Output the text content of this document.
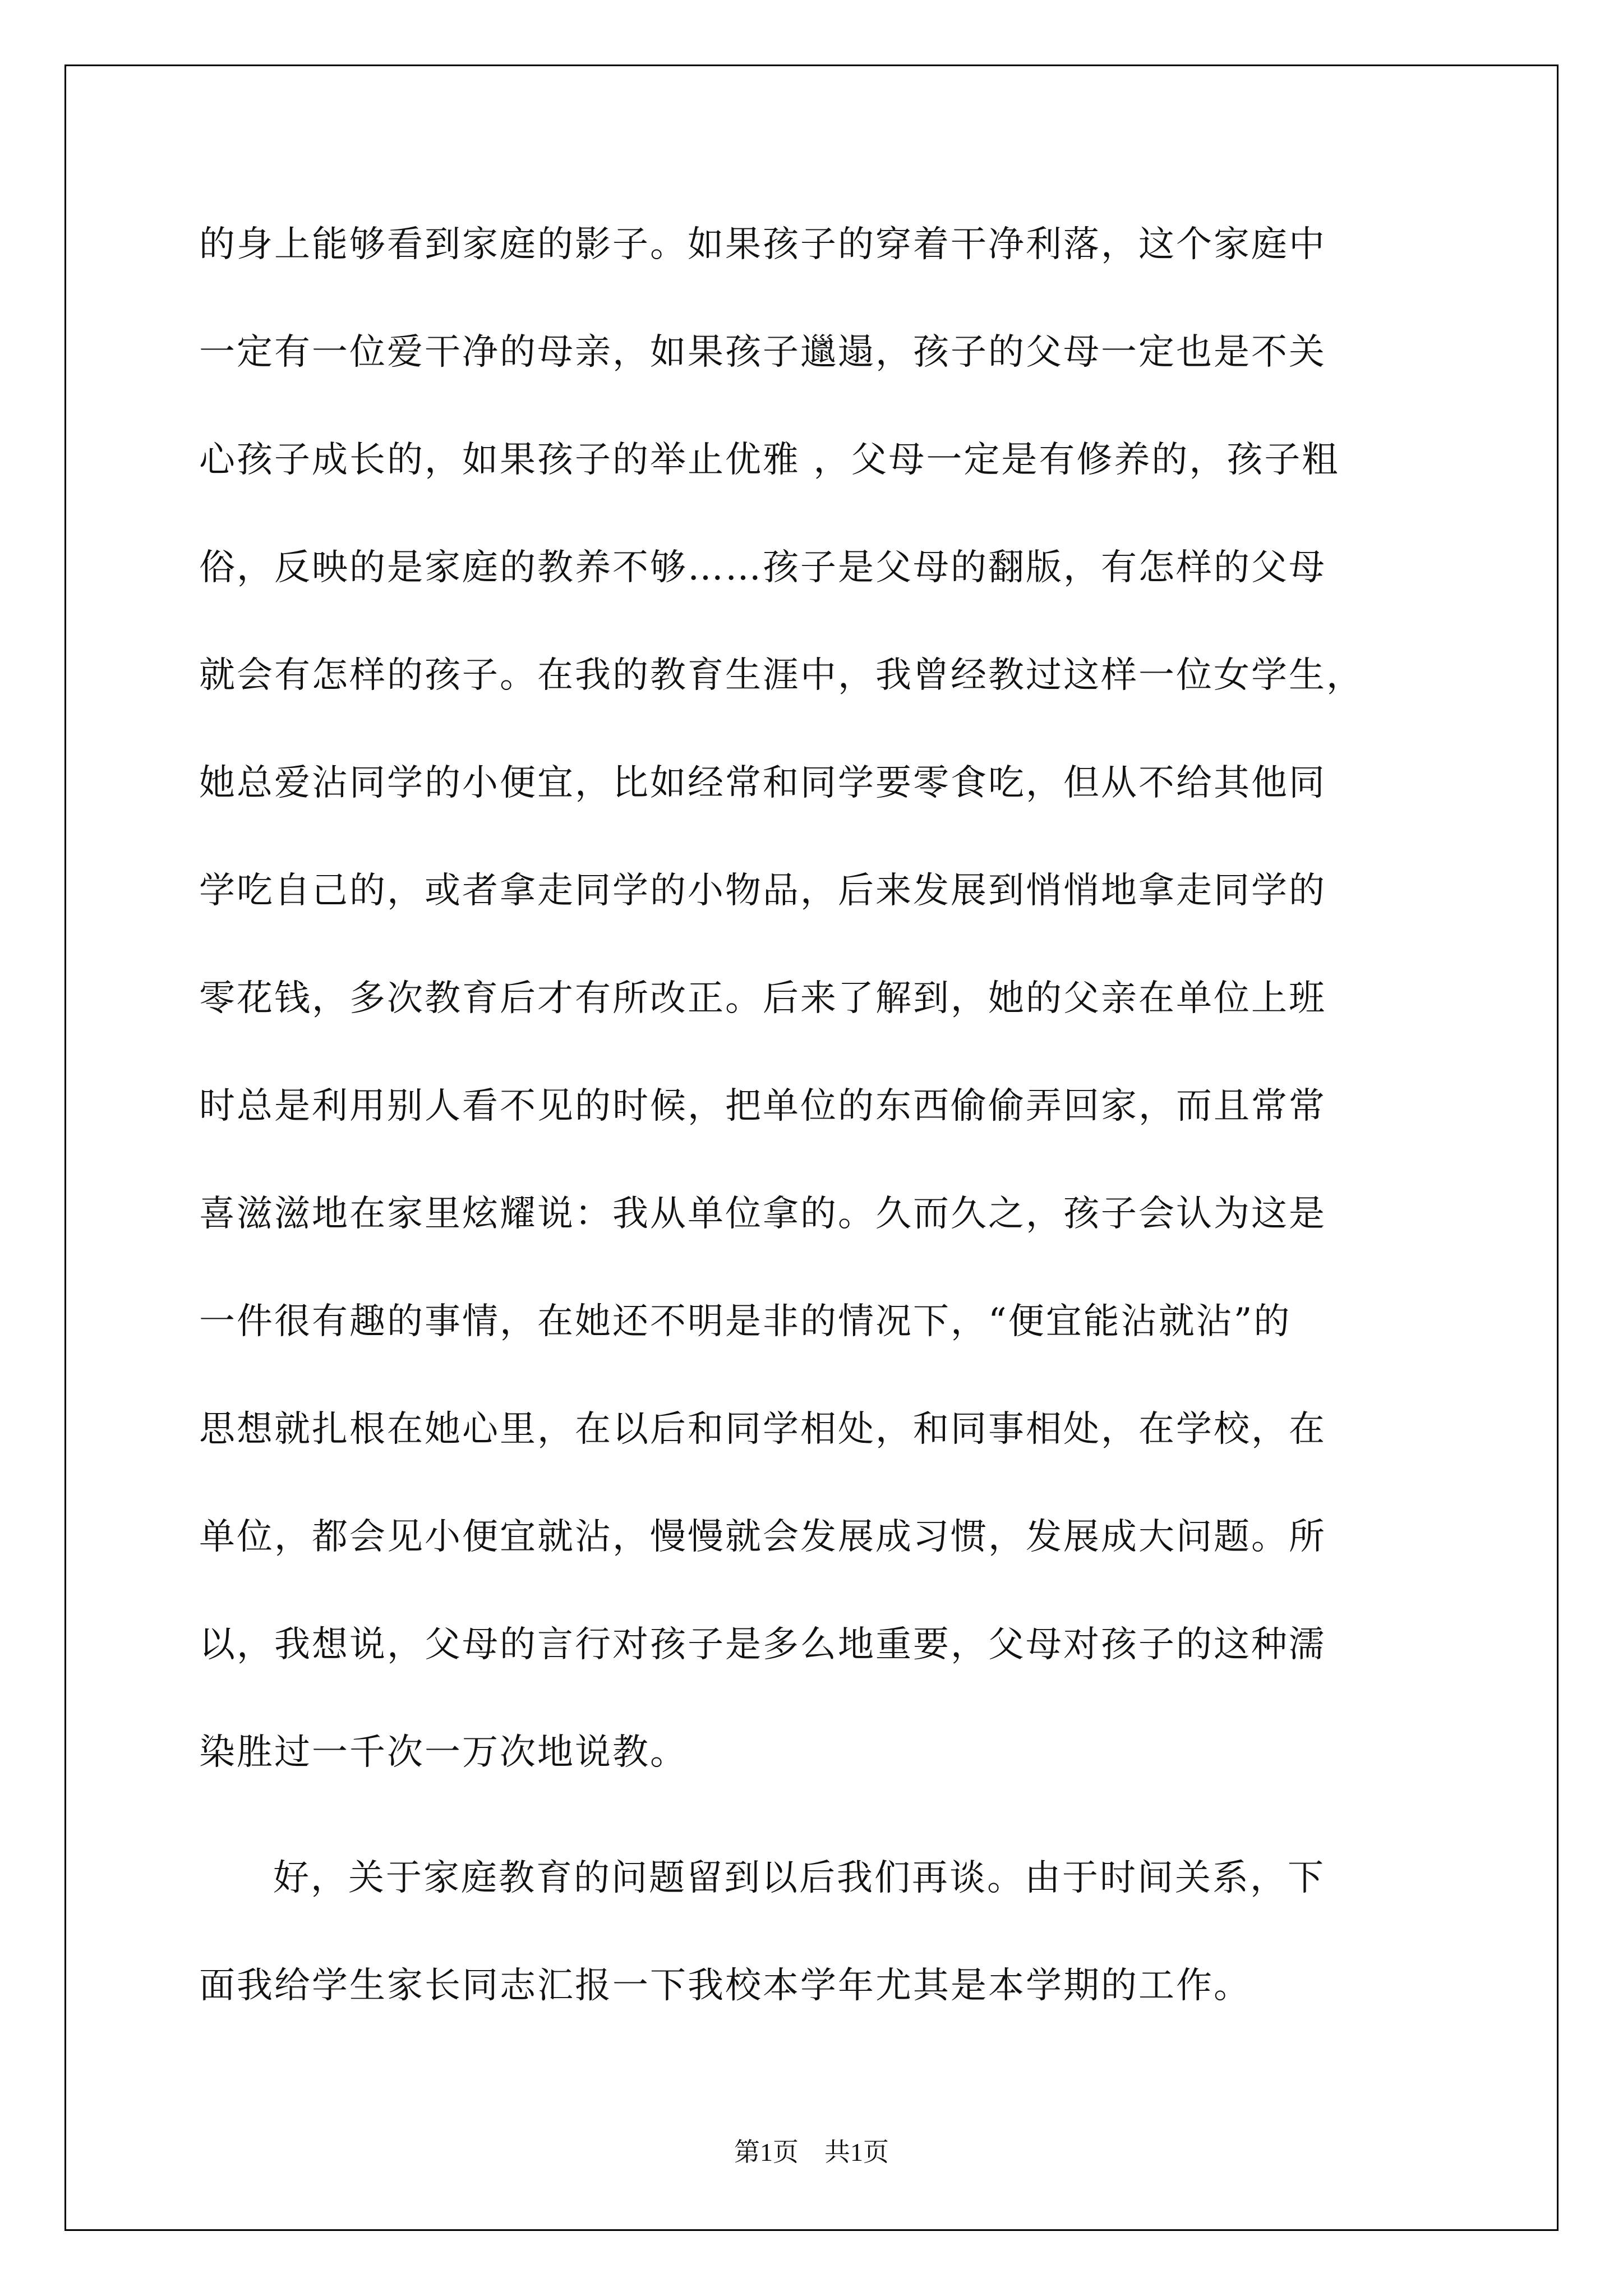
的身上能够看到家庭的影子。如果孩子的穿着干净利落，这个家庭中
一定有一位爱干净的母亲，如果孩子邋遢，孩子的父母一定也是不关
心孩子成长的，如果孩子的举止优雅 ，父母一定是有修养的，孩子粗
俗，反映的是家庭的教养不够……孩子是父母的翻版，有怎样的父母
就会有怎样的孩子。在我的教育生涯中，我曾经教过这样一位女学生，
她总爱沾同学的小便宜，比如经常和同学要零食吃，但从不给其他同
学吃自己的，或者拿走同学的小物品，后来发展到悄悄地拿走同学的
零花钱，多次教育后才有所改正。后来了解到，她的父亲在单位上班
时总是利用别人看不见的时候，把单位的东西偷偷弄回家，而且常常
喜滋滋地在家里炫耀说：我从单位拿的。久而久之，孩子会认为这是
一件很有趣的事情，在她还不明是非的情况下，“便宜能沾就沾”的
思想就扎根在她心里，在以后和同学相处，和同事相处，在学校，在
单位，都会见小便宜就沾，慢慢就会发展成习惯，发展成大问题。所
以，我想说，父母的言行对孩子是多么地重要，父母对孩子的这种濡
染胜过一千次一万次地说教。
好，关于家庭教育的问题留到以后我们再谈。由于时间关系，下
面我给学生家长同志汇报一下我校本学年尤其是本学期的工作。
第1页    共1页
